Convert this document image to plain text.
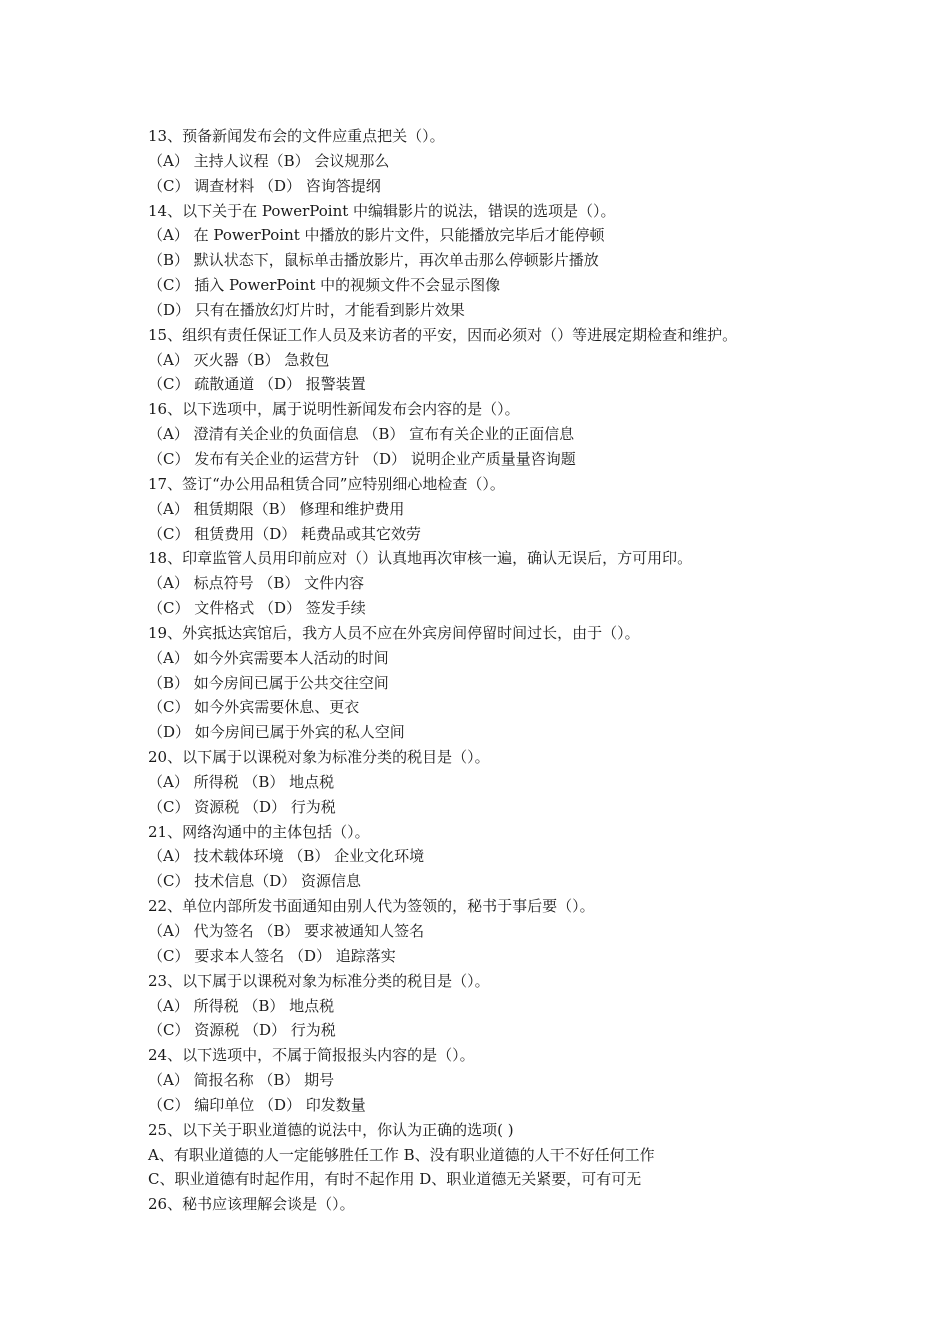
13、预备新闻发布会的文件应重点把关（）。
（A） 主持人议程（B） 会议规那么
（C） 调查材料 （D） 咨询答提纲
14、以下关于在 PowerPoint 中编辑影片的说法，错误的选项是（）。
（A） 在 PowerPoint 中播放的影片文件，只能播放完毕后才能停顿
（B） 默认状态下，鼠标单击播放影片，再次单击那么停顿影片播放
（C） 插入 PowerPoint 中的视频文件不会显示图像
（D） 只有在播放幻灯片时，才能看到影片效果
15、组织有责任保证工作人员及来访者的平安，因而必须对（）等进展定期检查和维护。
（A） 灭火器（B） 急救包
（C） 疏散通道 （D） 报警装置
16、以下选项中，属于说明性新闻发布会内容的是（）。
（A） 澄清有关企业的负面信息 （B） 宣布有关企业的正面信息
（C） 发布有关企业的运营方针 （D） 说明企业产质量量咨询题
17、签订“办公用品租赁合同”应特别细心地检查（）。
（A） 租赁期限（B） 修理和维护费用
（C） 租赁费用（D） 耗费品或其它效劳
18、印章监管人员用印前应对（）认真地再次审核一遍，确认无误后，方可用印。
（A） 标点符号 （B） 文件内容
（C） 文件格式 （D） 签发手续
19、外宾抵达宾馆后，我方人员不应在外宾房间停留时间过长，由于（）。
（A） 如今外宾需要本人活动的时间
（B） 如今房间已属于公共交往空间
（C） 如今外宾需要休息、更衣
（D） 如今房间已属于外宾的私人空间
20、以下属于以课税对象为标准分类的税目是（）。
（A） 所得税 （B） 地点税
（C） 资源税 （D） 行为税
21、网络沟通中的主体包括（）。
（A） 技术载体环境 （B） 企业文化环境
（C） 技术信息（D） 资源信息
22、单位内部所发书面通知由别人代为签领的，秘书于事后要（）。
（A） 代为签名 （B） 要求被通知人签名
（C） 要求本人签名 （D） 追踪落实
23、以下属于以课税对象为标准分类的税目是（）。
（A） 所得税 （B） 地点税
（C） 资源税 （D） 行为税
24、以下选项中，不属于简报报头内容的是（）。
（A） 简报名称 （B） 期号
（C） 编印单位 （D） 印发数量
25、以下关于职业道德的说法中，你认为正确的选项( )
A、有职业道德的人一定能够胜任工作 B、没有职业道德的人干不好任何工作
C、职业道德有时起作用，有时不起作用 D、职业道德无关紧要，可有可无
26、秘书应该理解会谈是（）。
